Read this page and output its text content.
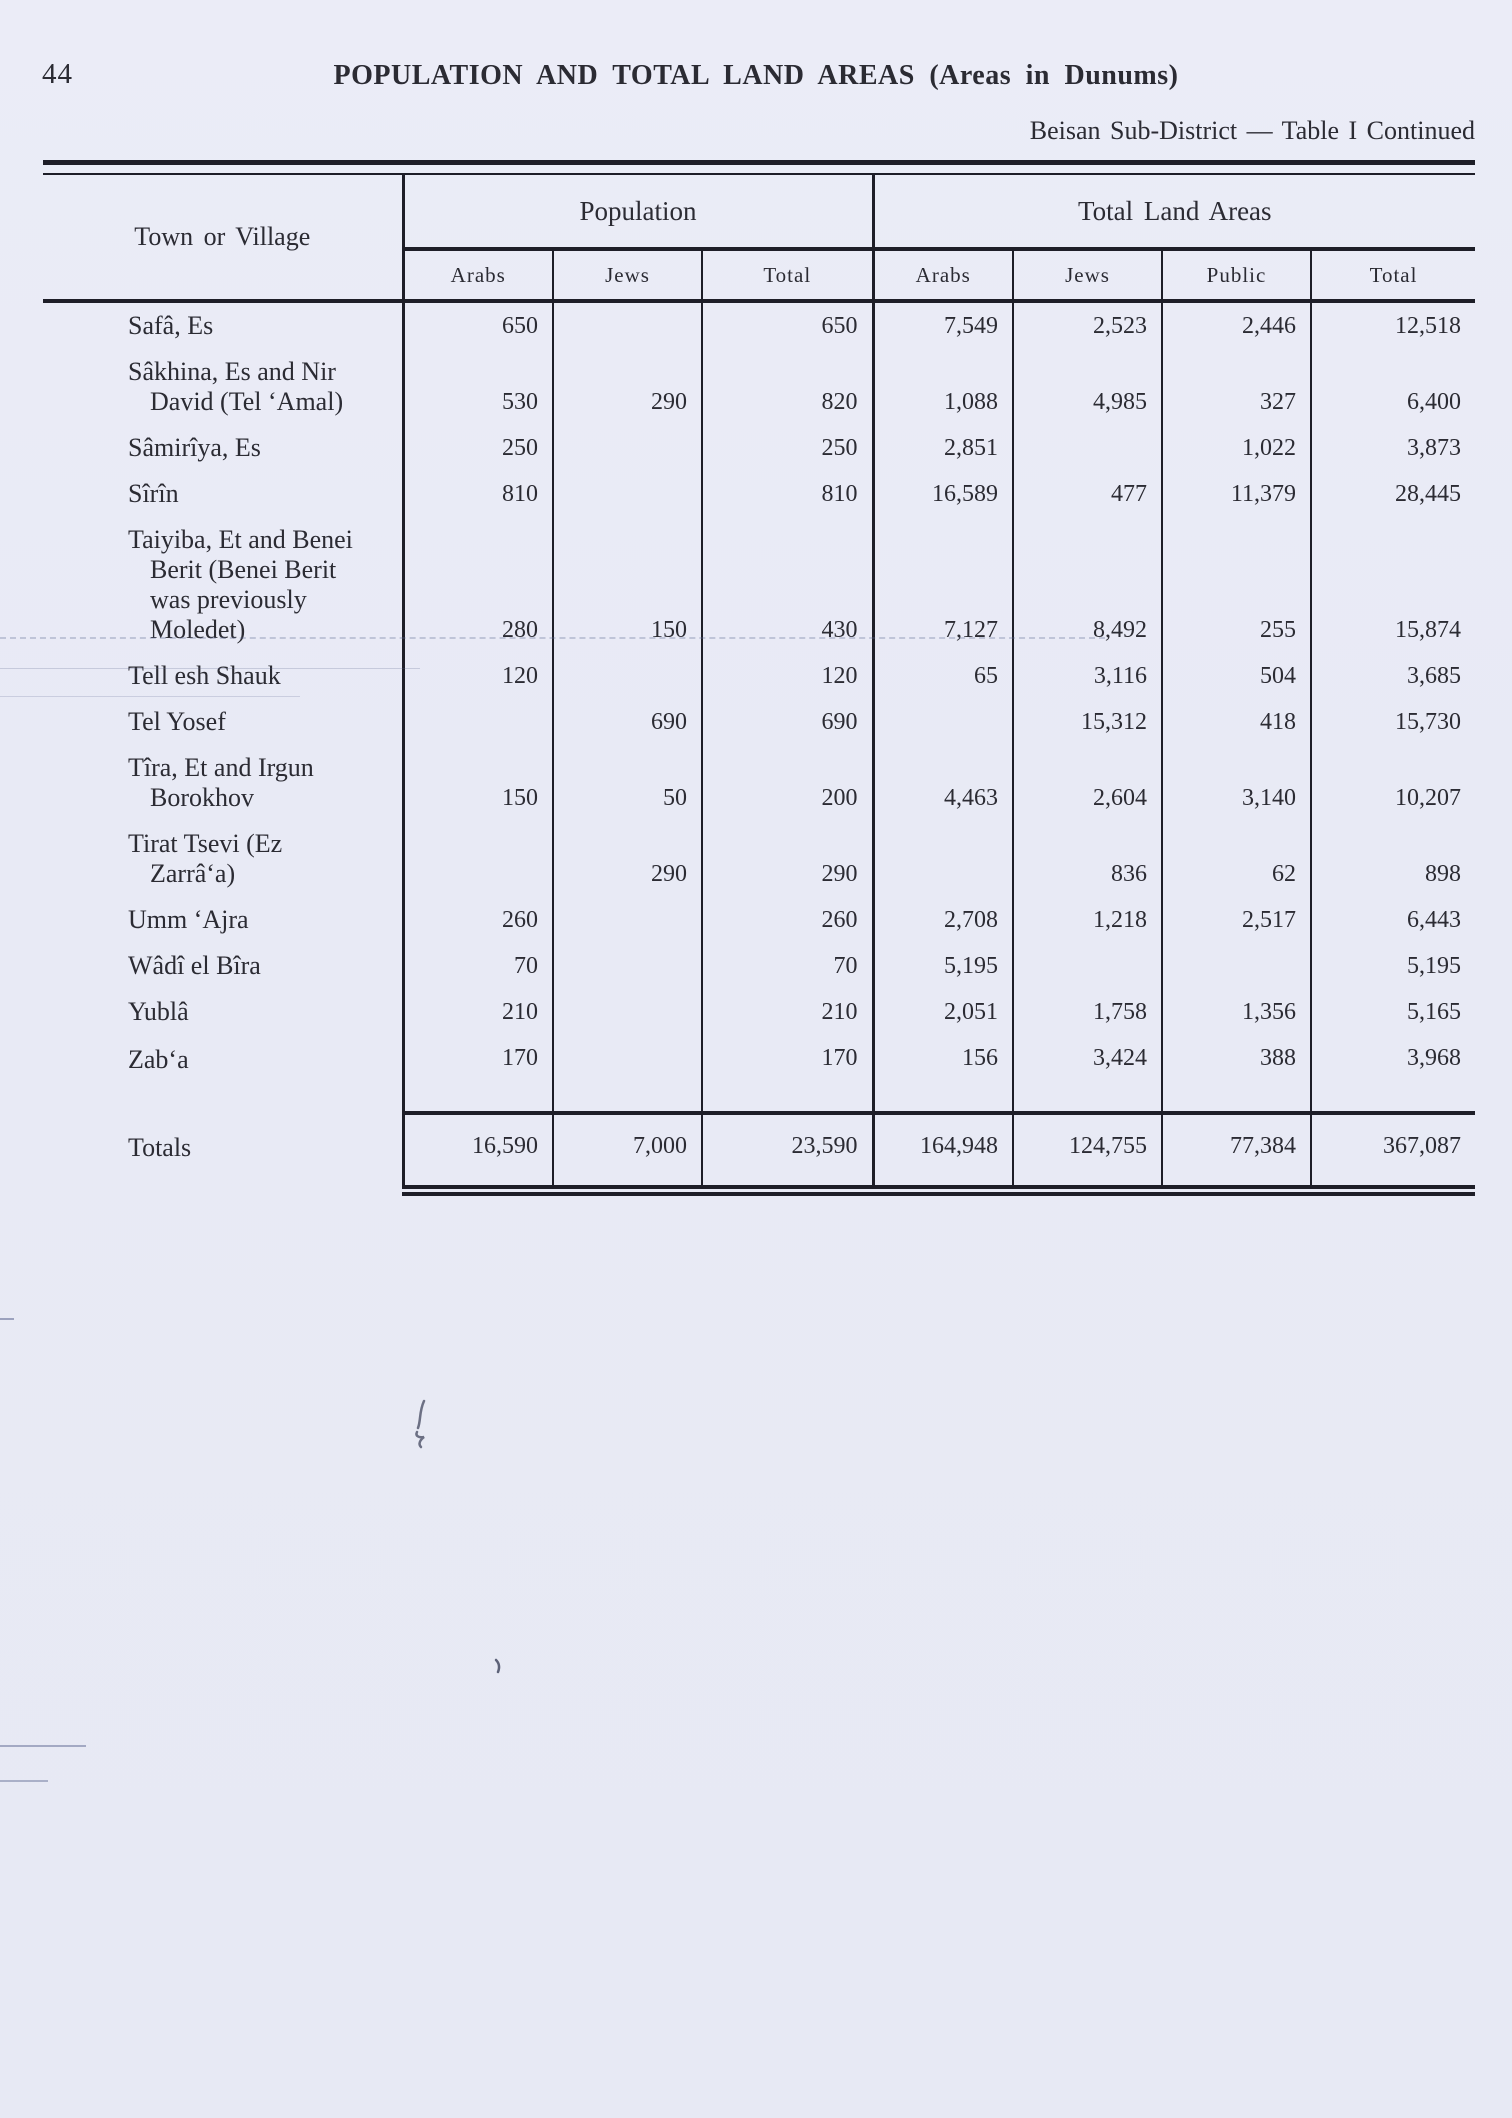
44	POPULATION AND TOTAL LAND AREAS (Areas in Dunums)
Beisan Sub-District — Table I Continued
Town or Village	Population			Total Land Areas			
	Arabs	Jews	Total	Arabs	Jews	Public	Total

Safâ, Es	650		650	7,549	2,523	2,446	12,518

Sâkhina, Es and Nir
David (Tel ‘Amal)	530	290	820	1,088	4,985	327	6,400

Sâmirîya, Es	250		250	2,851		1,022	3,873

Sîrîn	810		810	16,589	477	11,379	28,445

Taiyiba, Et and Benei
Berit (Benei Berit
was previously
Moledet)	280	150	430	7,127	8,492	255	15,874

Tell esh Shauk	120		120	65	3,116	504	3,685

Tel Yosef		690	690		15,312	418	15,730

Tîra, Et and Irgun
Borokhov	150	50	200	4,463	2,604	3,140	10,207

Tirat Tsevi (Ez
Zarrâ‘a)		290	290		836	62	898

Umm ‘Ajra	260		260	2,708	1,218	2,517	6,443

Wâdî el Bîra	70		70	5,195			5,195

Yublâ	210		210	2,051	1,758	1,356	5,165

Zab‘a	170		170	156	3,424	388	3,968

Totals	16,590	7,000	23,590	164,948	124,755	77,384	367,087
